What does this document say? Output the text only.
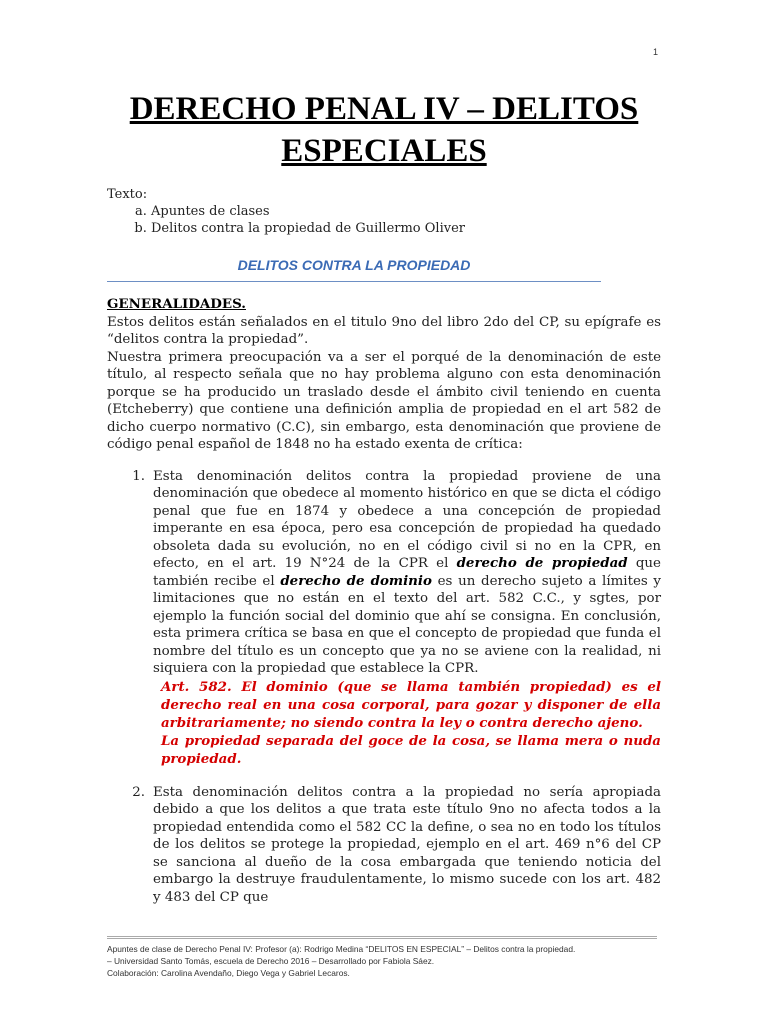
1
DERECHO PENAL IV – DELITOS
ESPECIALES
Texto:
a. Apuntes de clases
b. Delitos contra la propiedad de Guillermo Oliver
DELITOS CONTRA LA PROPIEDAD
GENERALIDADES.

Estos delitos están señalados en el titulo 9no del libro 2do del CP, su epígrafe es “delitos contra la propiedad”.

Nuestra primera preocupación va a ser el porqué de la denominación de este título, al respecto señala que no hay problema alguno con esta denominación porque se ha producido un traslado desde el ámbito civil teniendo en cuenta (Etcheberry) que contiene una definición amplia de propiedad en el art 582 de dicho cuerpo normativo (C.C), sin embargo, esta denominación que proviene de código penal español de 1848 no ha estado exenta de crítica:

1. Esta denominación delitos contra la propiedad proviene de una denominación que obedece al momento histórico en que se dicta el código penal que fue en 1874 y obedece a una concepción de propiedad imperante en esa época, pero esa concepción de propiedad ha quedado obsoleta dada su evolución, no en el código civil si no en la CPR, en efecto, en el art. 19 N°24 de la CPR el derecho de propiedad que también recibe el derecho de dominio es un derecho sujeto a límites y limitaciones que no están en el texto del art. 582 C.C., y sgtes, por ejemplo la función social del dominio que ahí se consigna. En conclusión, esta primera crítica se basa en que el concepto de propiedad que funda el nombre del título es un concepto que ya no se aviene con la realidad, ni siquiera con la propiedad que establece la CPR.
Art. 582. El dominio (que se llama también propiedad) es el derecho real en una cosa corporal, para gozar y disponer de ella arbitrariamente; no siendo contra la ley o contra derecho ajeno.
La propiedad separada del goce de la cosa, se llama mera o nuda propiedad.
2. Esta denominación delitos contra a la propiedad no sería apropiada debido a que los delitos a que trata este título 9no no afecta todos a la propiedad entendida como el 582 CC la define, o sea no en todo los títulos de los delitos se protege la propiedad, ejemplo en el art. 469 n°6 del CP se sanciona al dueño de la cosa embargada que teniendo noticia del embargo la destruye fraudulentamente, lo mismo sucede con los art. 482 y 483 del CP que
Apuntes de clase de Derecho Penal IV: Profesor (a): Rodrigo Medina “DELITOS EN ESPECIAL” – Delitos contra la propiedad.
– Universidad Santo Tomás, escuela de Derecho 2016 – Desarrollado por Fabiola Sáez.
Colaboración: Carolina Avendaño, Diego Vega y Gabriel Lecaros.
